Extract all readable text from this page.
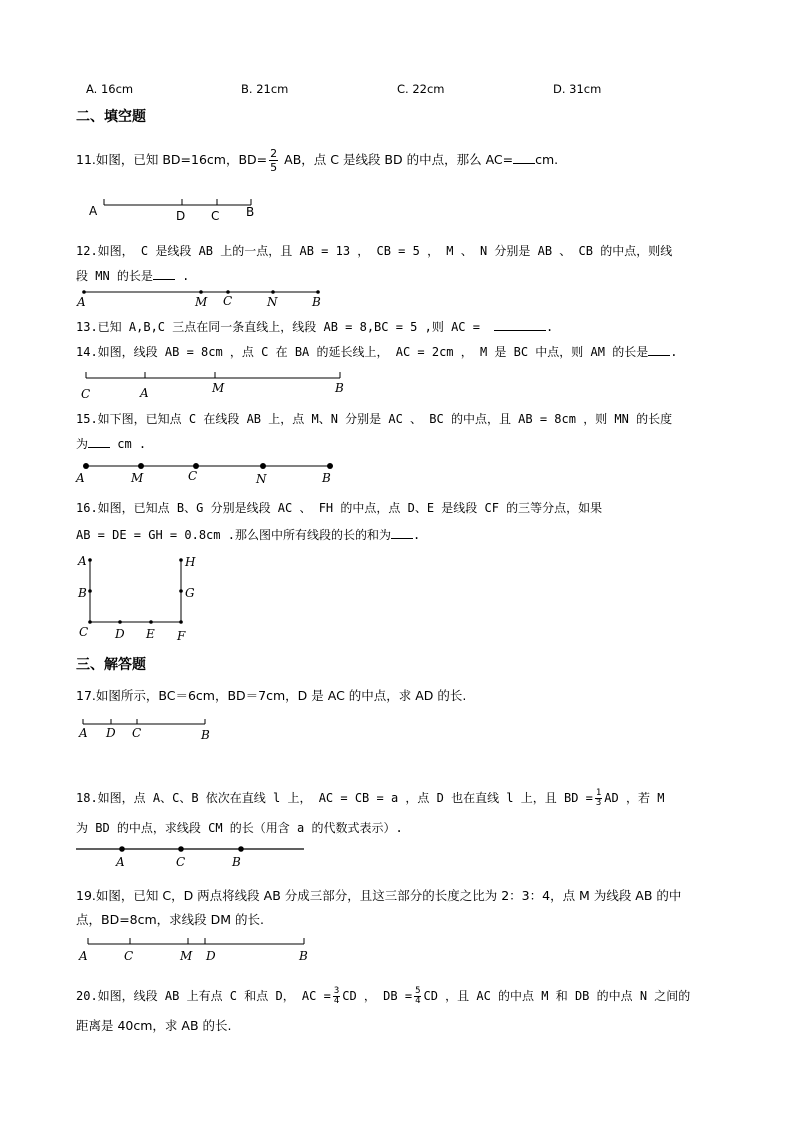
A. 16cm	B. 21cm	C. 22cm	D. 31cm
二、填空题
11.如图，已知 BD=16cm，$BD= \frac{2}{5}$ AB，点 C 是线段 BD 的中点，那么 AC= cm.
12.如图， C 是线段 AB 上的一点，且 AB = 13 ， CB = 5 ， M 、 N 分别是 AB 、 CB 的中点，则线
段 MN 的长是 .
13.已知 A,B,C 三点在同一条直线上，线段 AB = 8,BC = 5 ,则 AC =	.
14.如图，线段 AB = 8cm ，点 C 在 BA 的延长线上， AC = 2cm ， M 是 BC 中点，则 AM 的长是 .
15.如下图，已知点 C 在线段 AB 上，点 M、N 分别是 AC 、 BC 的中点，且 AB = 8cm ，则 MN 的长度
为 cm .
16.如图，已知点 B、G 分别是线段 AC 、 FH 的中点，点 D、E 是线段 CF 的三等分点，如果
AB = DE = GH = 0.8cm .那么图中所有线段的长的和为 .
三、解答题
17.如图所示，BC＝6cm，BD＝7cm，D 是 AC 的中点，求 AD 的长.
18.如图，点 A、C、B 依次在直线 l 上， AC = CB = a ，点 D 也在直线 l 上，且 BD = $\frac{1}{3}$ AD ，若 M
为 BD 的中点，求线段 CM 的长（用含 a 的代数式表示）.
19.如图，已知 C，D 两点将线段 AB 分成三部分，且这三部分的长度之比为 2：3：4，点 M 为线段 AB 的中
点，BD=8cm，求线段 DM 的长.
20.如图，线段 AB 上有点 C 和点 D， AC = $\frac{3}{4}$ CD ， DB = $\frac{5}{4}$ CD ，且 AC 的中点 M 和 DB 的中点 N 之间的
距离是 40cm，求 AB 的长.
A	D C B
A	M C	N	B
C	A	M	B
A	M	C	N	B
A
B
C D E F
G
H
A D C	B
A	C	B
A	C	M D	B
